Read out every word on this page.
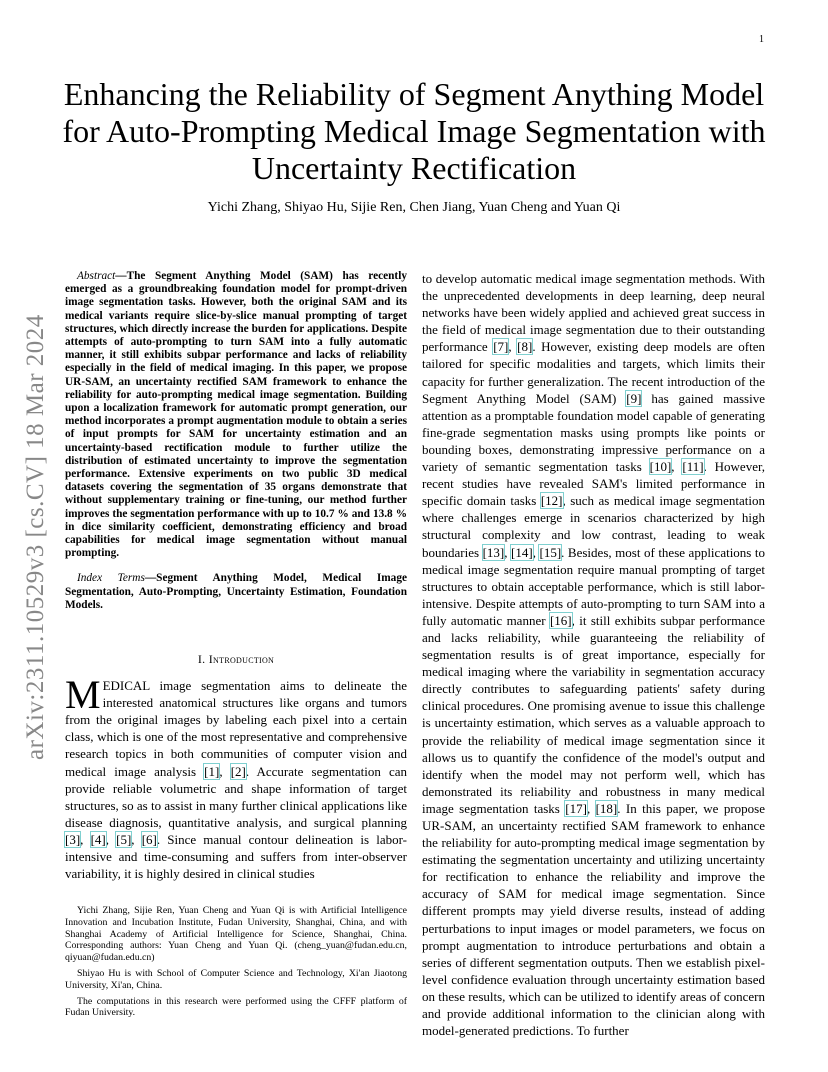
1
arXiv:2311.10529v3 [cs.CV] 18 Mar 2024
Enhancing the Reliability of Segment Anything Model for Auto-Prompting Medical Image Segmentation with Uncertainty Rectification
Yichi Zhang, Shiyao Hu, Sijie Ren, Chen Jiang, Yuan Cheng and Yuan Qi

Abstract—The Segment Anything Model (SAM) has recently emerged as a groundbreaking foundation model for prompt-driven image segmentation tasks. However, both the original SAM and its medical variants require slice-by-slice manual prompting of target structures, which directly increase the burden for applications. Despite attempts of auto-prompting to turn SAM into a fully automatic manner, it still exhibits subpar performance and lacks of reliability especially in the field of medical imaging. In this paper, we propose UR-SAM, an uncertainty rectified SAM framework to enhance the reliability for auto-prompting medical image segmentation. Building upon a localization framework for automatic prompt generation, our method incorporates a prompt augmentation module to obtain a series of input prompts for SAM for uncertainty estimation and an uncertainty-based rectification module to further utilize the distribution of estimated uncertainty to improve the segmentation performance. Extensive experiments on two public 3D medical datasets covering the segmentation of 35 organs demonstrate that without supplementary training or fine-tuning, our method further improves the segmentation performance with up to 10.7 % and 13.8 % in dice similarity coefficient, demonstrating efficiency and broad capabilities for medical image segmentation without manual prompting.

Index Terms—Segment Anything Model, Medical Image Segmentation, Auto-Prompting, Uncertainty Estimation, Foundation Models.

I. Introduction

MEDICAL image segmentation aims to delineate the interested anatomical structures like organs and tumors from the original images by labeling each pixel into a certain class, which is one of the most representative and comprehensive research topics in both communities of computer vision and medical image analysis [1], [2]. Accurate segmentation can provide reliable volumetric and shape information of target structures, so as to assist in many further clinical applications like disease diagnosis, quantitative analysis, and surgical planning [3], [4], [5], [6]. Since manual contour delineation is labor-intensive and time-consuming and suffers from inter-observer variability, it is highly desired in clinical studies

Yichi Zhang, Sijie Ren, Yuan Cheng and Yuan Qi is with Artificial Intelligence Innovation and Incubation Institute, Fudan University, Shanghai, China, and with Shanghai Academy of Artificial Intelligence for Science, Shanghai, China. Corresponding authors: Yuan Cheng and Yuan Qi. (cheng_yuan@fudan.edu.cn, qiyuan@fudan.edu.cn)

Shiyao Hu is with School of Computer Science and Technology, Xi'an Jiaotong University, Xi'an, China.

The computations in this research were performed using the CFFF platform of Fudan University.

to develop automatic medical image segmentation methods. With the unprecedented developments in deep learning, deep neural networks have been widely applied and achieved great success in the field of medical image segmentation due to their outstanding performance [7], [8]. However, existing deep models are often tailored for specific modalities and targets, which limits their capacity for further generalization. The recent introduction of the Segment Anything Model (SAM) [9] has gained massive attention as a promptable foundation model capable of generating fine-grade segmentation masks using prompts like points or bounding boxes, demonstrating impressive performance on a variety of semantic segmentation tasks [10], [11]. However, recent studies have revealed SAM's limited performance in specific domain tasks [12], such as medical image segmentation where challenges emerge in scenarios characterized by high structural complexity and low contrast, leading to weak boundaries [13], [14], [15]. Besides, most of these applications to medical image segmentation require manual prompting of target structures to obtain acceptable performance, which is still labor-intensive. Despite attempts of auto-prompting to turn SAM into a fully automatic manner [16], it still exhibits subpar performance and lacks reliability, while guaranteeing the reliability of segmentation results is of great importance, especially for medical imaging where the variability in segmentation accuracy directly contributes to safeguarding patients' safety during clinical procedures. One promising avenue to issue this challenge is uncertainty estimation, which serves as a valuable approach to provide the reliability of medical image segmentation since it allows us to quantify the confidence of the model's output and identify when the model may not perform well, which has demonstrated its reliability and robustness in many medical image segmentation tasks [17], [18]. In this paper, we propose UR-SAM, an uncertainty rectified SAM framework to enhance the reliability for auto-prompting medical image segmentation by estimating the segmentation uncertainty and utilizing uncertainty for rectification to enhance the reliability and improve the accuracy of SAM for medical image segmentation. Since different prompts may yield diverse results, instead of adding perturbations to input images or model parameters, we focus on prompt augmentation to introduce perturbations and obtain a series of different segmentation outputs. Then we establish pixel-level confidence evaluation through uncertainty estimation based on these results, which can be utilized to identify areas of concern and provide additional information to the clinician along with model-generated predictions. To further
